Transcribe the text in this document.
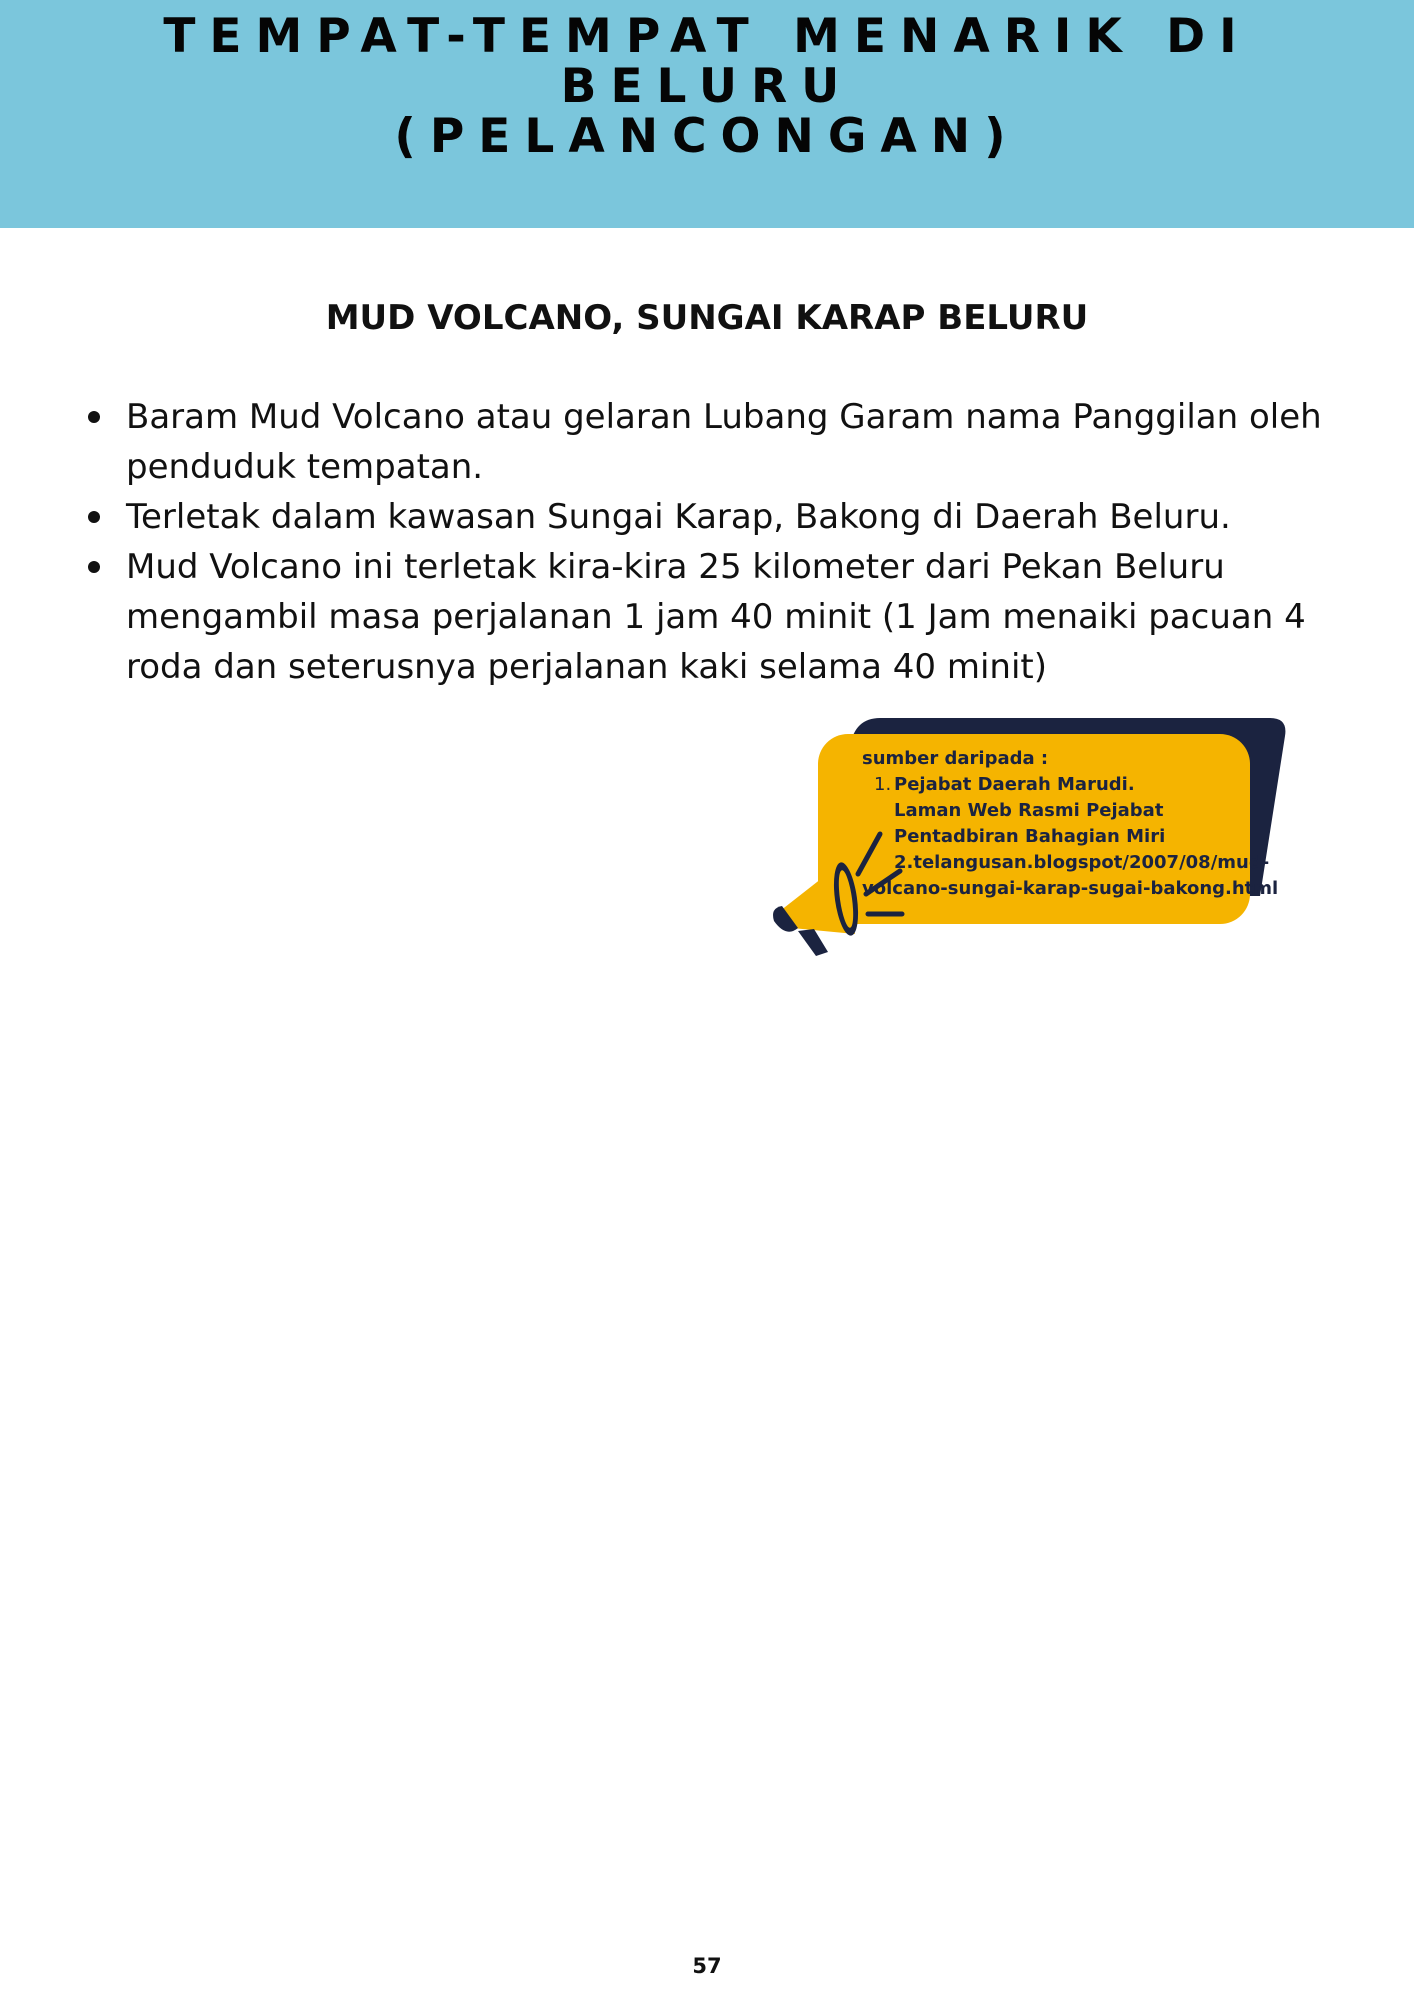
TEMPAT-TEMPAT MENARIK DI
BELURU
(PELANCONGAN)
MUD VOLCANO, SUNGAI KARAP BELURU
Baram Mud Volcano atau gelaran Lubang Garam nama Panggilan oleh penduduk tempatan.
Terletak dalam kawasan Sungai Karap, Bakong di Daerah Beluru.
Mud Volcano ini terletak kira-kira 25 kilometer dari Pekan Beluru mengambil masa perjalanan 1 jam 40 minit (1 Jam menaiki pacuan 4 roda dan seterusnya perjalanan kaki selama 40 minit)
sumber daripada :
1. Pejabat Daerah Marudi.
Laman Web Rasmi Pejabat
Pentadbiran Bahagian Miri
2.telangusan.blogspot/2007/08/mud-
volcano-sungai-karap-sugai-bakong.html
57
